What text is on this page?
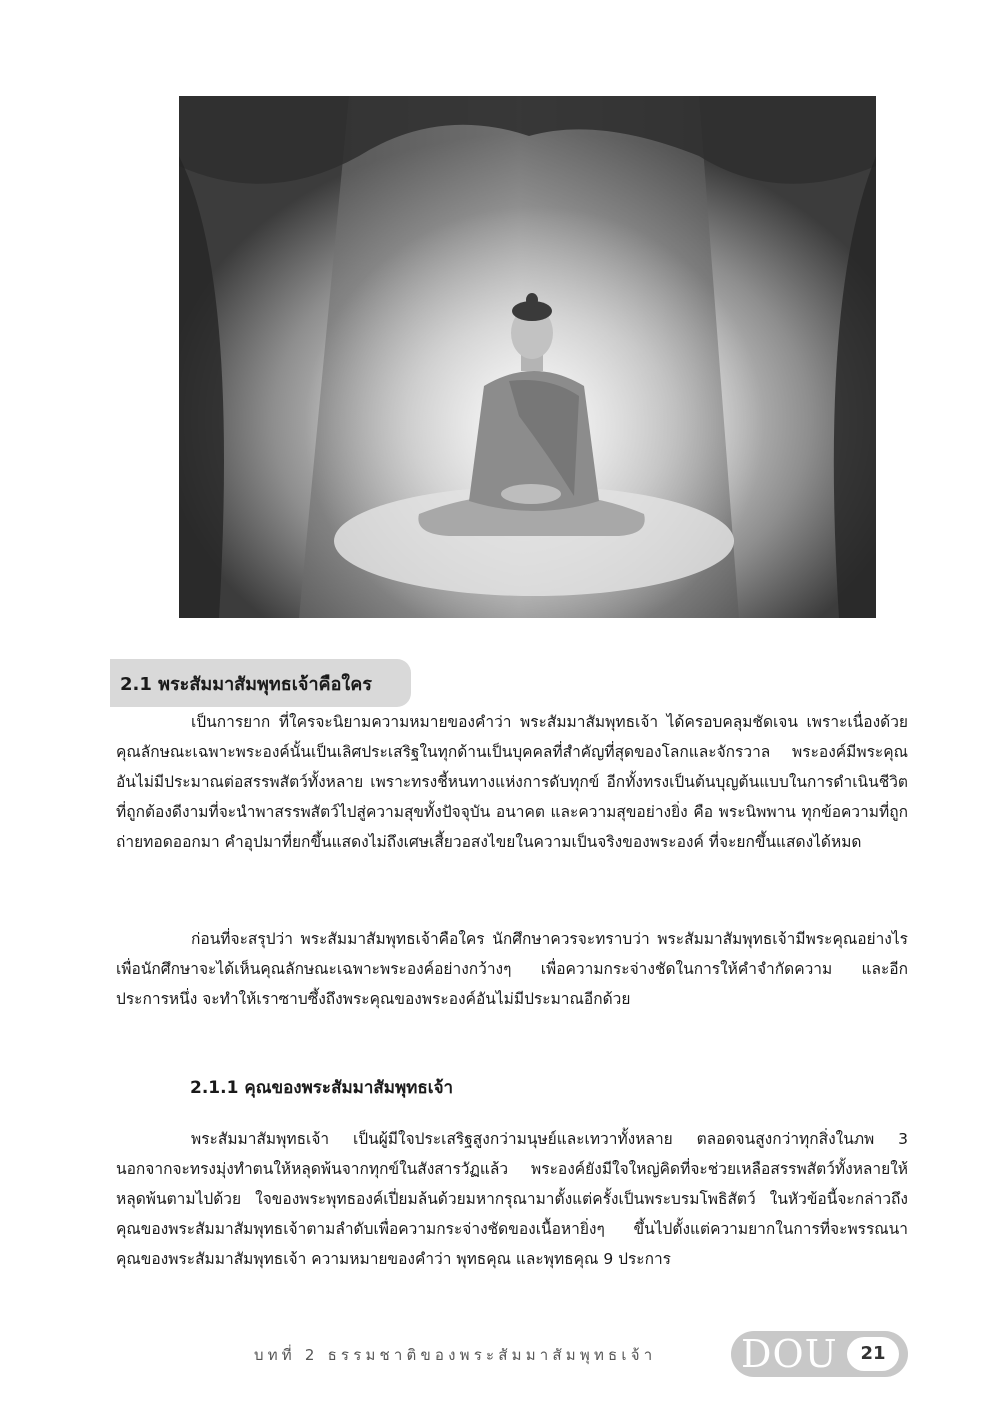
2.1 พระสัมมาสัมพุทธเจ้าคือใคร

เป็นการยาก ที่ใครจะนิยามความหมายของคำว่า พระสัมมาสัมพุทธเจ้า ได้ครอบคลุมชัดเจน เพราะเนื่องด้วยคุณลักษณะเฉพาะพระองค์นั้นเป็นเลิศประเสริฐในทุกด้านเป็นบุคคลที่สำคัญที่สุดของโลกและจักรวาล พระองค์มีพระคุณอันไม่มีประมาณต่อสรรพสัตว์ทั้งหลาย เพราะทรงชี้หนทางแห่งการดับทุกข์ อีกทั้งทรงเป็นต้นบุญต้นแบบในการดำเนินชีวิตที่ถูกต้องดีงามที่จะนำพาสรรพสัตว์ไปสู่ความสุขทั้งปัจจุบัน อนาคต และความสุขอย่างยิ่ง คือ พระนิพพาน ทุกข้อความที่ถูกถ่ายทอดออกมา คำอุปมาที่ยกขึ้นแสดงไม่ถึงเศษเสี้ยวอสงไขยในความเป็นจริงของพระองค์ ที่จะยกขึ้นแสดงได้หมด

ก่อนที่จะสรุปว่า พระสัมมาสัมพุทธเจ้าคือใคร นักศึกษาควรจะทราบว่า พระสัมมาสัมพุทธเจ้ามีพระคุณอย่างไร เพื่อนักศึกษาจะได้เห็นคุณลักษณะเฉพาะพระองค์อย่างกว้างๆ เพื่อความกระจ่างชัดในการให้คำจำกัดความ และอีกประการหนึ่ง จะทำให้เราซาบซึ้งถึงพระคุณของพระองค์อันไม่มีประมาณอีกด้วย

2.1.1 คุณของพระสัมมาสัมพุทธเจ้า

พระสัมมาสัมพุทธเจ้า เป็นผู้มีใจประเสริฐสูงกว่ามนุษย์และเทวาทั้งหลาย ตลอดจนสูงกว่าทุกสิ่งในภพ 3 นอกจากจะทรงมุ่งทำตนให้หลุดพ้นจากทุกข์ในสังสารวัฏแล้ว พระองค์ยังมีใจใหญ่คิดที่จะช่วยเหลือสรรพสัตว์ทั้งหลายให้หลุดพ้นตามไปด้วย ใจของพระพุทธองค์เปี่ยมล้นด้วยมหากรุณามาตั้งแต่ครั้งเป็นพระบรมโพธิสัตว์ ในหัวข้อนี้จะกล่าวถึงคุณของพระสัมมาสัมพุทธเจ้าตามลำดับเพื่อความกระจ่างชัดของเนื้อหายิ่งๆ ขึ้นไปตั้งแต่ความยากในการที่จะพรรณนาคุณของพระสัมมาสัมพุทธเจ้า ความหมายของคำว่า พุทธคุณ และพุทธคุณ 9 ประการ

บทที่ 2 ธรรมชาติของพระสัมมาสัมพุทธเจ้า	DOU	21
